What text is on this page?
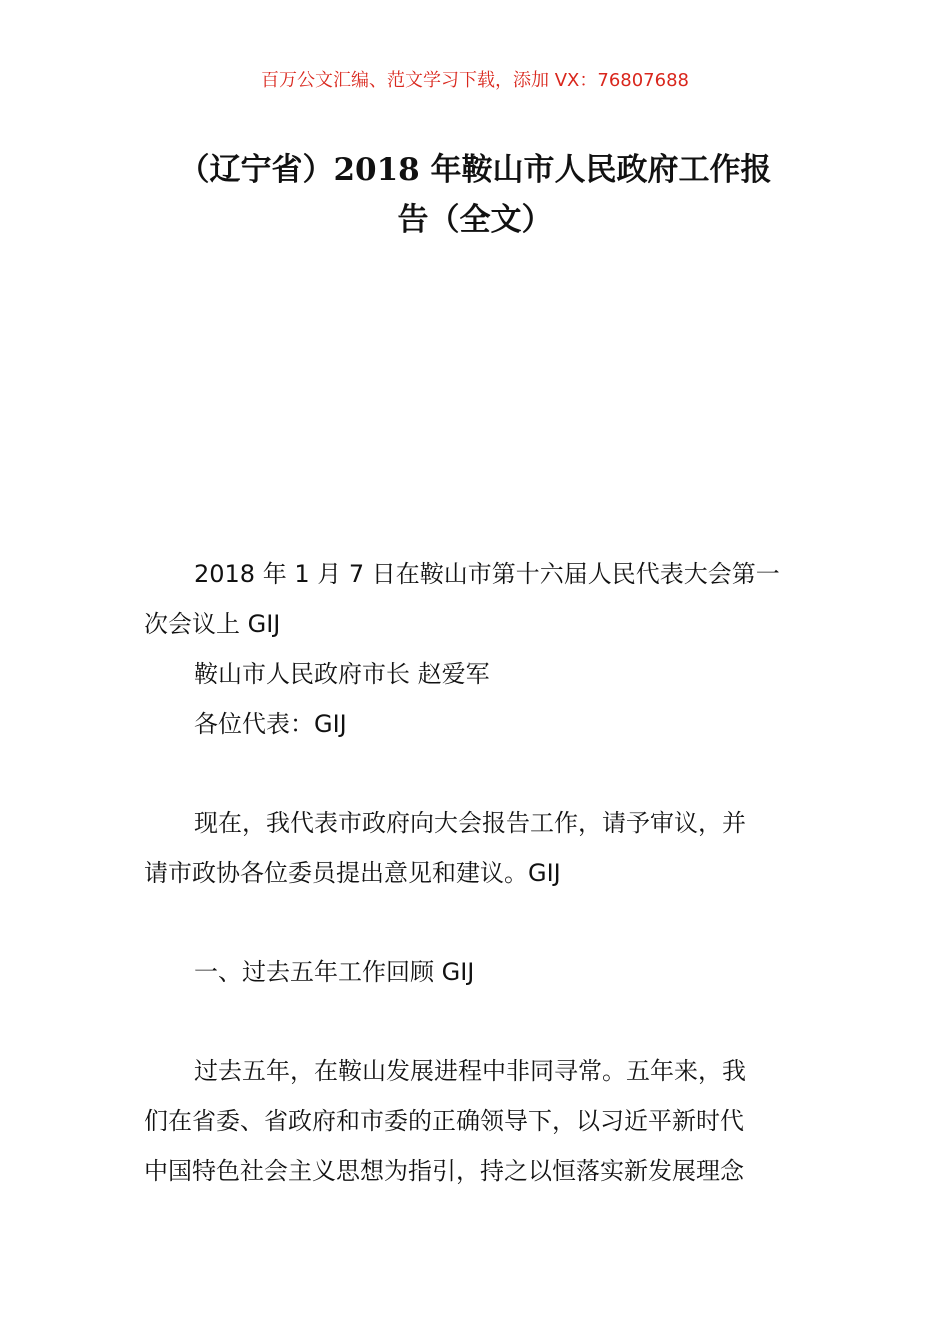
百万公文汇编、范文学习下载，添加 VX：76807688
（辽宁省）2018 年鞍山市人民政府工作报
告（全文）
2018 年 1 月 7 日在鞍山市第十六届人民代表大会第一
次会议上 GIJ
鞍山市人民政府市长 赵爱军
各位代表：GIJ
现在，我代表市政府向大会报告工作，请予审议，并
请市政协各位委员提出意见和建议。GIJ
一、过去五年工作回顾 GIJ
过去五年，在鞍山发展进程中非同寻常。五年来，我
们在省委、省政府和市委的正确领导下，以习近平新时代
中国特色社会主义思想为指引，持之以恒落实新发展理念
